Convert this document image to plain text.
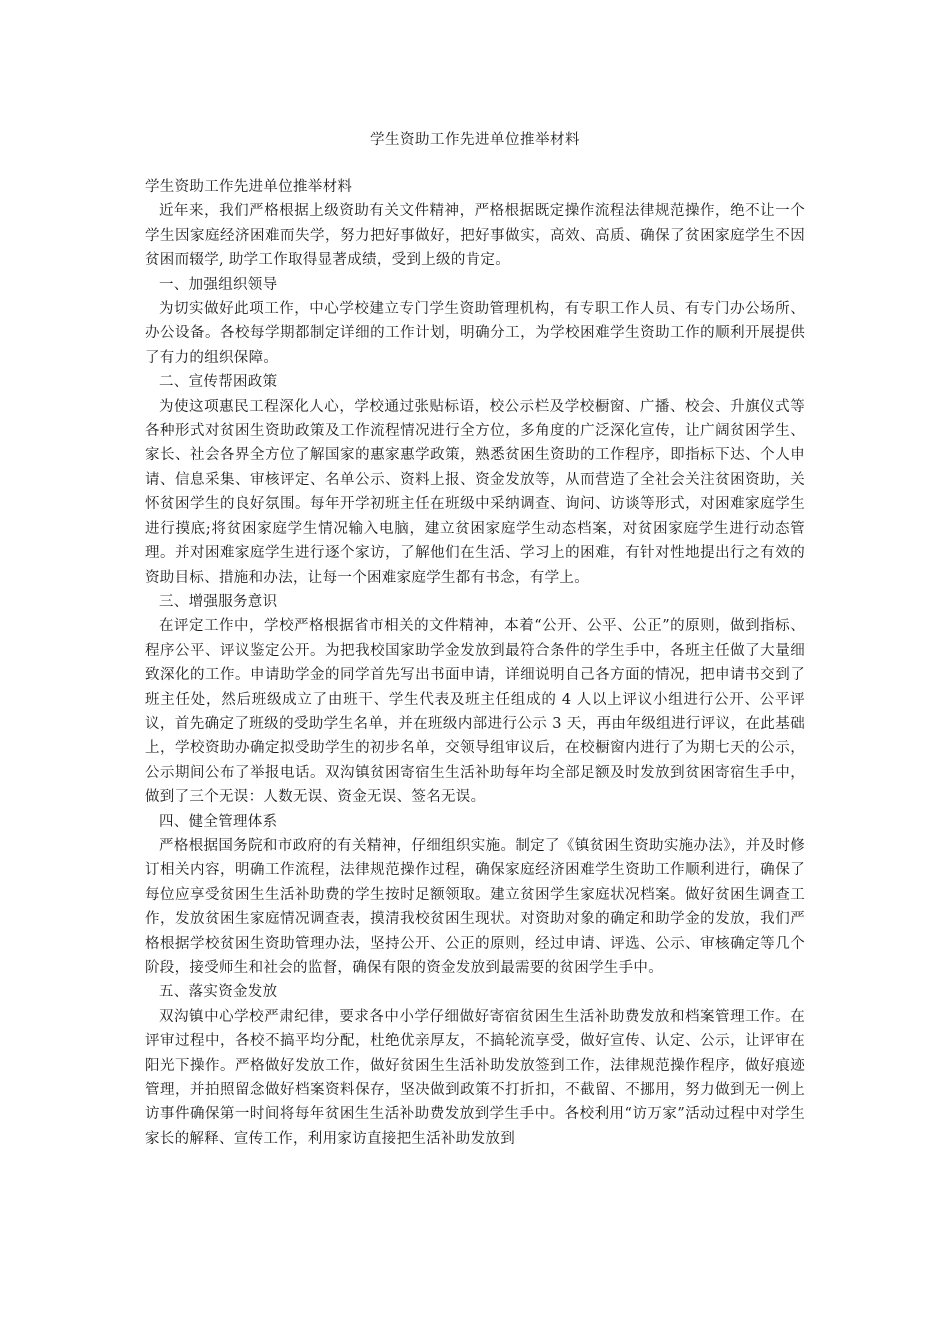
学生资助工作先进单位推举材料

学生资助工作先进单位推举材料

近年来，我们严格根据上级资助有关文件精神，严格根据既定操作流程法律规范操作，绝不让一个学生因家庭经济困难而失学，努力把好事做好，把好事做实，高效、高质、确保了贫困家庭学生不因贫困而辍学, 助学工作取得显著成绩，受到上级的肯定。

一、加强组织领导

为切实做好此项工作，中心学校建立专门学生资助管理机构，有专职工作人员、有专门办公场所、办公设备。各校每学期都制定详细的工作计划，明确分工，为学校困难学生资助工作的顺利开展提供了有力的组织保障。

二、宣传帮困政策

为使这项惠民工程深化人心，学校通过张贴标语，校公示栏及学校橱窗、广播、校会、升旗仪式等各种形式对贫困生资助政策及工作流程情况进行全方位，多角度的广泛深化宣传，让广阔贫困学生、家长、社会各界全方位了解国家的惠家惠学政策，熟悉贫困生资助的工作程序，即指标下达、个人申请、信息采集、审核评定、名单公示、资料上报、资金发放等，从而营造了全社会关注贫困资助，关怀贫困学生的良好氛围。每年开学初班主任在班级中采纳调查、询问、访谈等形式，对困难家庭学生进行摸底;将贫困家庭学生情况输入电脑，建立贫困家庭学生动态档案，对贫困家庭学生进行动态管理。并对困难家庭学生进行逐个家访，了解他们在生活、学习上的困难，有针对性地提出行之有效的资助目标、措施和办法，让每一个困难家庭学生都有书念，有学上。

三、增强服务意识

在评定工作中，学校严格根据省市相关的文件精神，本着“公开、公平、公正”的原则，做到指标、程序公平、评议鉴定公开。为把我校国家助学金发放到最符合条件的学生手中，各班主任做了大量细致深化的工作。申请助学金的同学首先写出书面申请，详细说明自己各方面的情况，把申请书交到了班主任处，然后班级成立了由班干、学生代表及班主任组成的 4 人以上评议小组进行公开、公平评议，首先确定了班级的受助学生名单，并在班级内部进行公示 3 天，再由年级组进行评议，在此基础上，学校资助办确定拟受助学生的初步名单，交领导组审议后，在校橱窗内进行了为期七天的公示，公示期间公布了举报电话。双沟镇贫困寄宿生生活补助每年均全部足额及时发放到贫困寄宿生手中，做到了三个无误：人数无误、资金无误、签名无误。

四、健全管理体系

严格根据国务院和市政府的有关精神，仔细组织实施。制定了《镇贫困生资助实施办法》，并及时修订相关内容，明确工作流程，法律规范操作过程，确保家庭经济困难学生资助工作顺利进行，确保了每位应享受贫困生生活补助费的学生按时足额领取。建立贫困学生家庭状况档案。做好贫困生调查工作，发放贫困生家庭情况调查表，摸清我校贫困生现状。对资助对象的确定和助学金的发放，我们严格根据学校贫困生资助管理办法，坚持公开、公正的原则，经过申请、评选、公示、审核确定等几个阶段，接受师生和社会的监督，确保有限的资金发放到最需要的贫困学生手中。

五、落实资金发放

双沟镇中心学校严肃纪律，要求各中小学仔细做好寄宿贫困生生活补助费发放和档案管理工作。在评审过程中，各校不搞平均分配，杜绝优亲厚友，不搞轮流享受，做好宣传、认定、公示，让评审在阳光下操作。严格做好发放工作，做好贫困生生活补助发放签到工作，法律规范操作程序，做好痕迹管理，并拍照留念做好档案资料保存，坚决做到政策不打折扣，不截留、不挪用，努力做到无一例上访事件确保第一时间将每年贫困生生活补助费发放到学生手中。各校利用“访万家”活动过程中对学生家长的解释、宣传工作，利用家访直接把生活补助发放到
